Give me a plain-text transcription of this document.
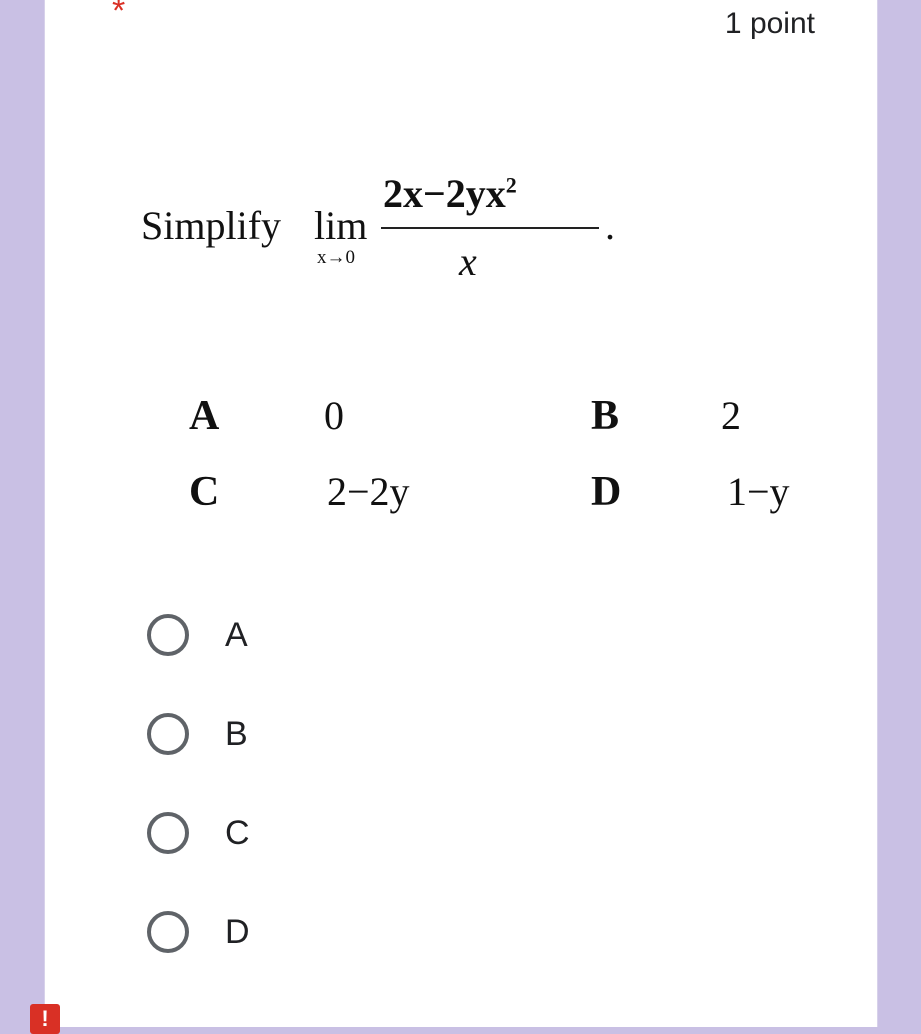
*	1 point
Simplify lim
x→0
$2x-2yx^2$
x
.
A	0	B	2
C	2−2y	D	1−y
A
B
C
D
!
